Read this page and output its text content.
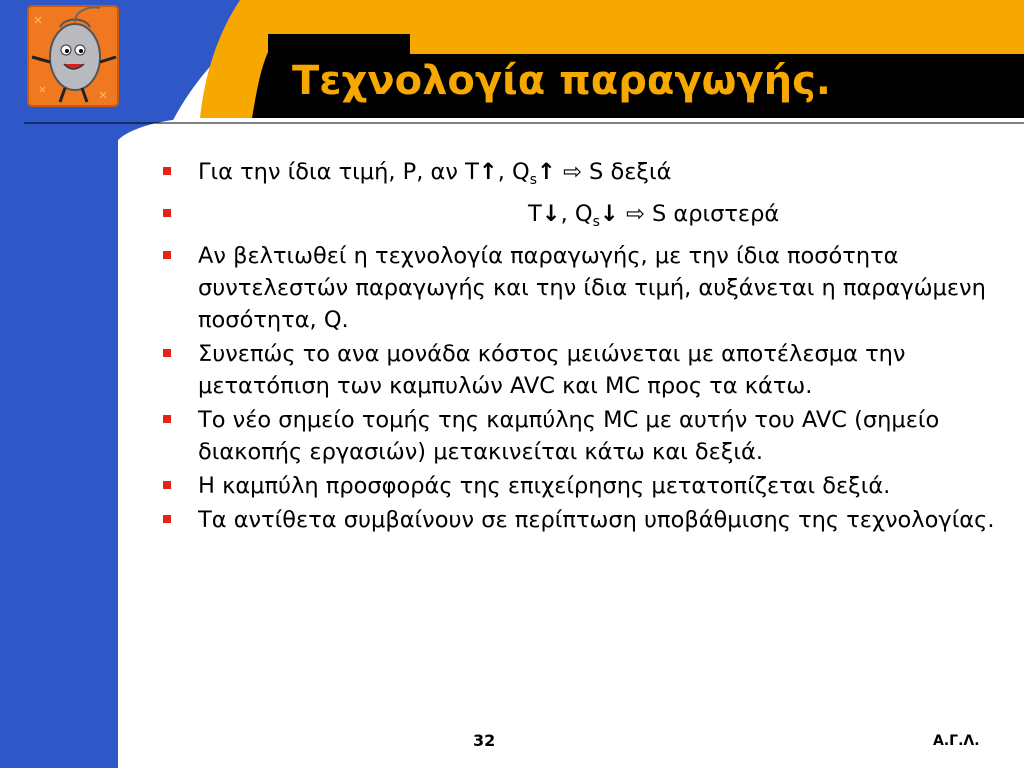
Τεχνολογία παραγωγής.
Για την ίδια τιμή, P, αν T↑, $Q_s↑$ ⇨ S δεξιά
T↓, $Q_s↓$ ⇨ S αριστερά
Αν βελτιωθεί η τεχνολογία παραγωγής, με την ίδια ποσότητα συντελεστών παραγωγής και την ίδια τιμή, αυξάνεται η παραγώμενη ποσότητα, Q.
Συνεπώς το ανα μονάδα κόστος μειώνεται με αποτέλεσμα την μετατόπιση των καμπυλών AVC και MC προς τα κάτω.
Το νέο σημείο τομής της καμπύλης MC με αυτήν του AVC (σημείο διακοπής εργασιών) μετακινείται κάτω και δεξιά.
Η καμπύλη προσφοράς της επιχείρησης μετατοπίζεται δεξιά.
Τα αντίθετα συμβαίνουν σε περίπτωση υποβάθμισης της τεχνολογίας.
32	Α.Γ.Λ.
